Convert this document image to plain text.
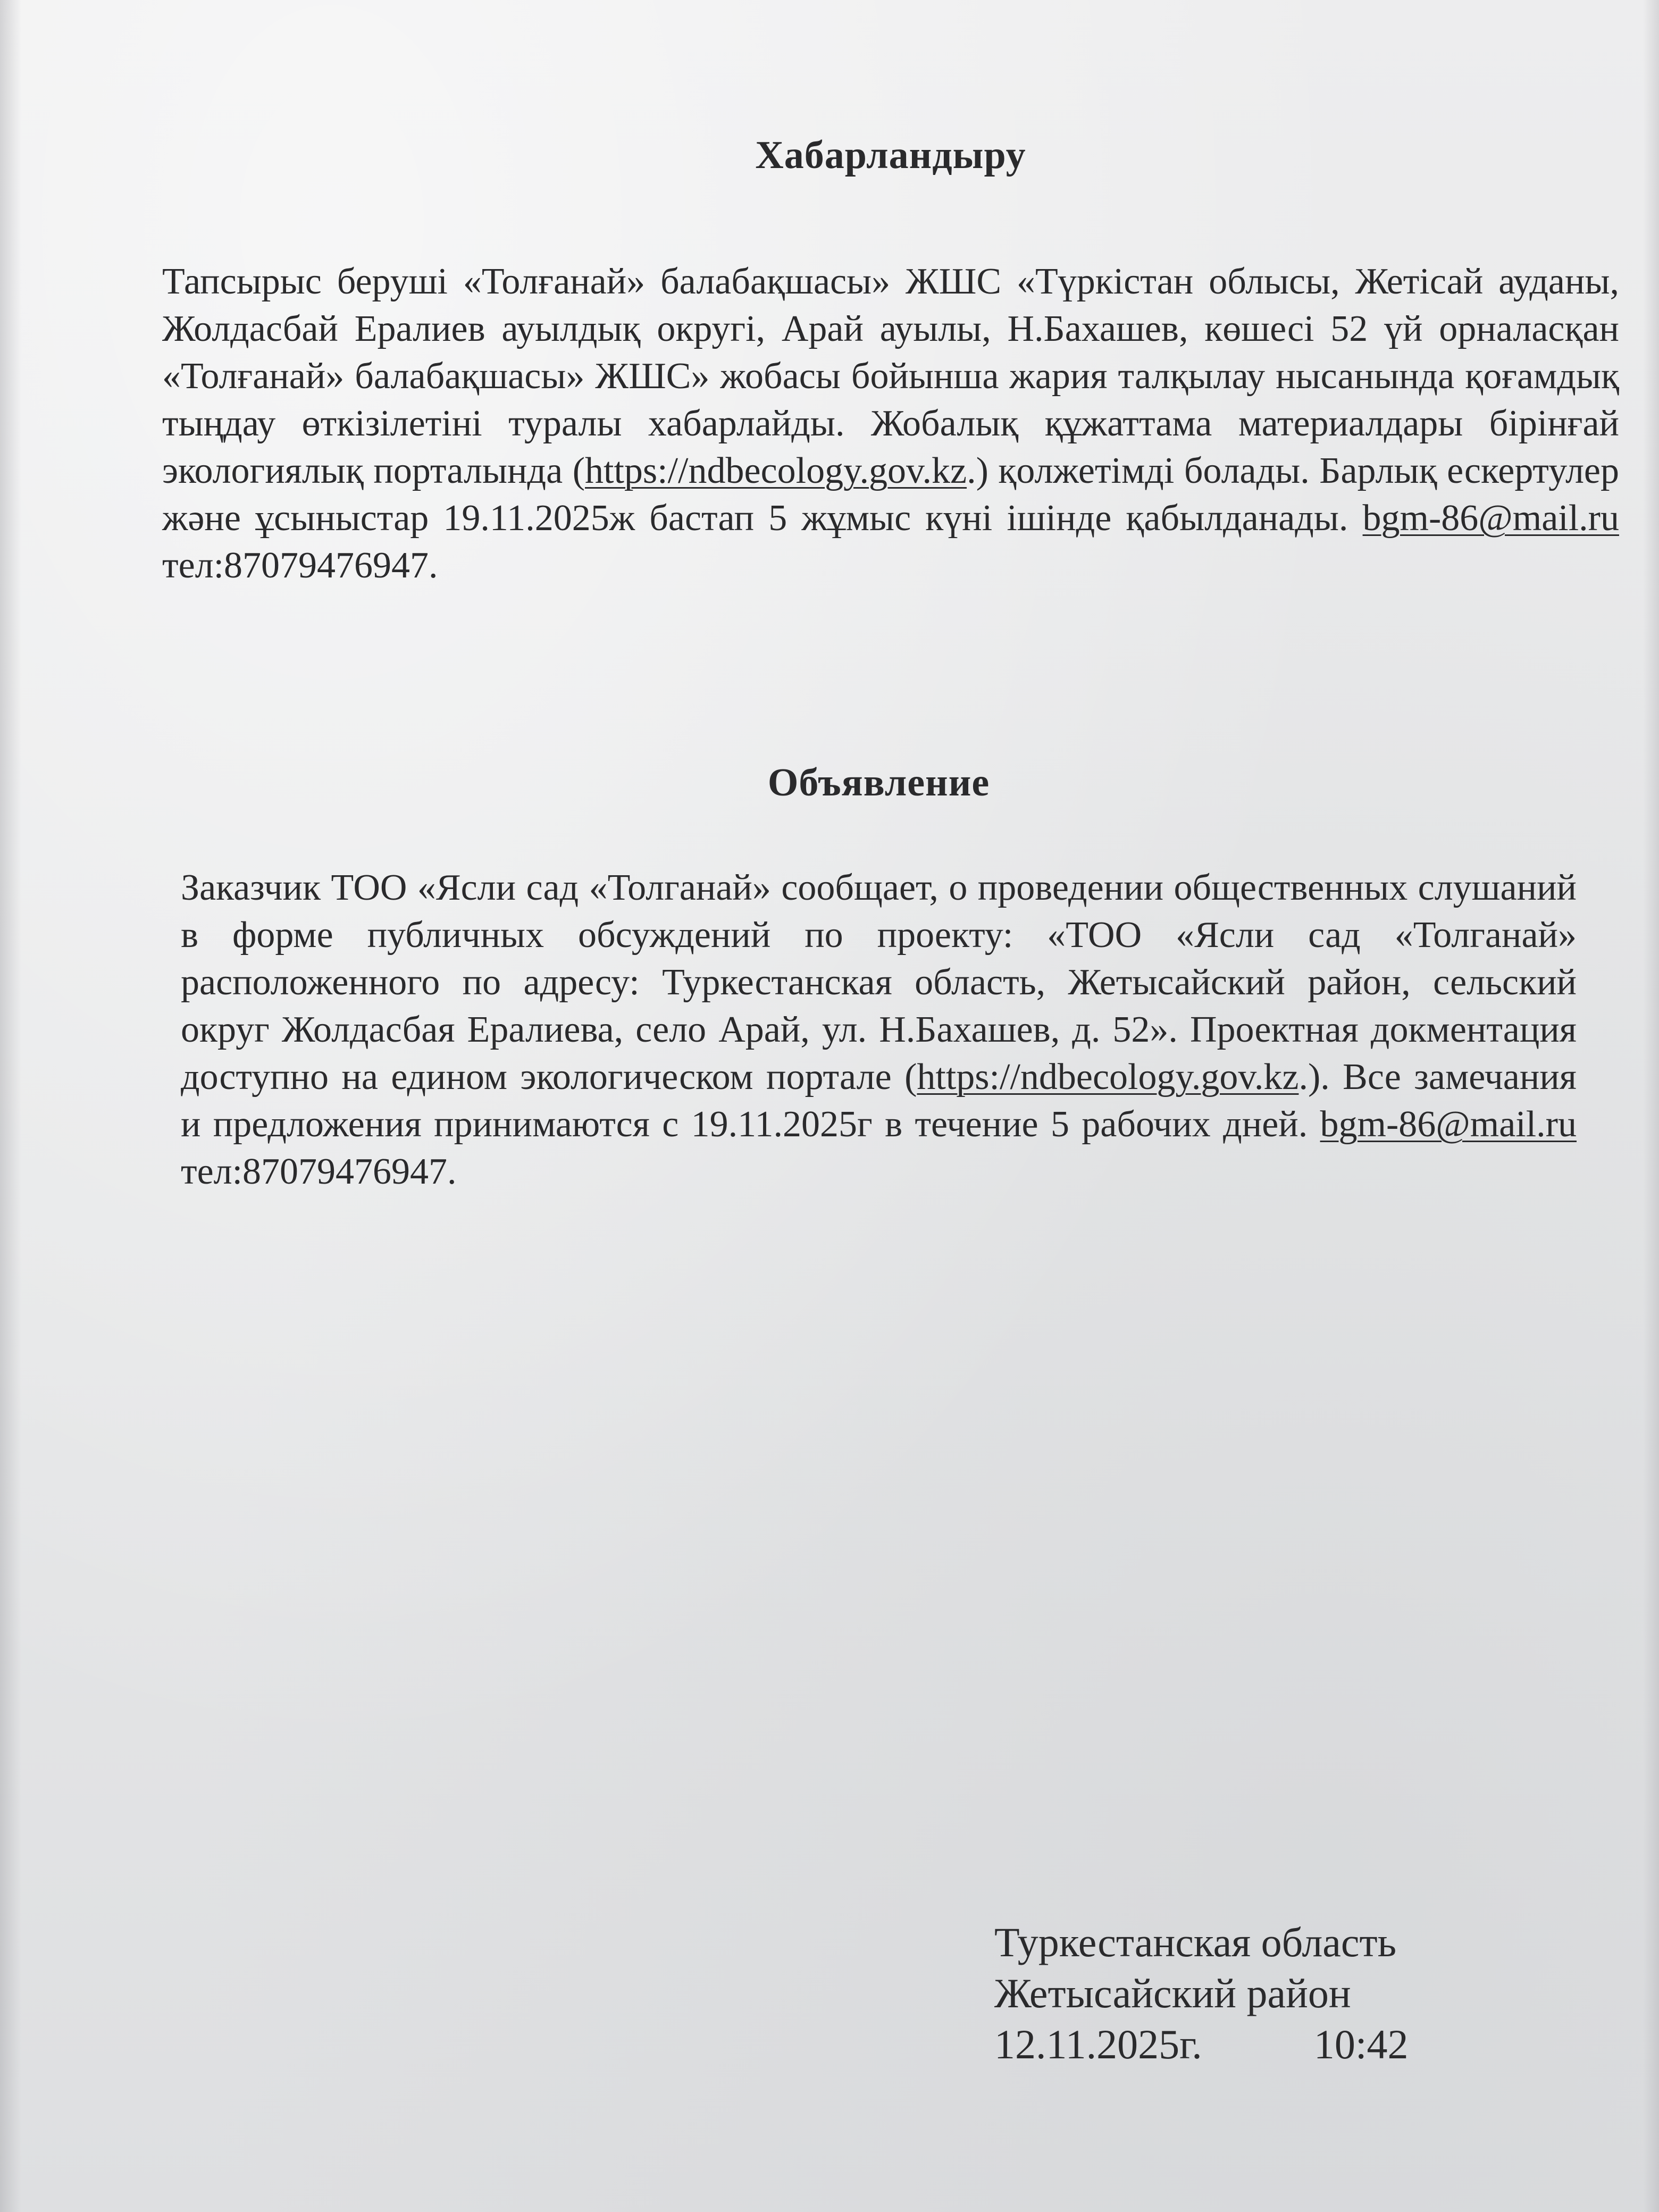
Хабарландыру
Тапсырыс беруші «Толғанай» балабақшасы» ЖШС «Түркістан облысы, Жетісай ауданы, Жолдасбай Ералиев ауылдық округі, Арай ауылы, Н.Бахашев, көшесі 52 үй орналасқан «Толғанай» балабақшасы» ЖШС» жобасы бойынша жария талқылау нысанында қоғамдық тыңдау өткізілетіні туралы хабарлайды. Жобалық құжаттама материалдары бірінғай экологиялық порталында (https://ndbecology.gov.kz.) қолжетімді болады. Барлық ескертулер және ұсыныстар 19.11.2025ж бастап 5 жұмыс күні ішінде қабылданады. bgm-86@mail.ru тел:87079476947.
Объявление
Заказчик ТОО «Ясли сад «Толганай» сообщает, о проведении общественных слушаний в форме публичных обсуждений по проекту: «ТОО «Ясли сад «Толганай» расположенного по адресу: Туркестанская область, Жетысайский район, сельский округ Жолдасбая Ералиева, село Арай, ул. Н.Бахашев, д. 52». Проектная докментация доступно на едином экологическом портале (https://ndbecology.gov.kz.). Все замечания и предложения принимаются с 19.11.2025г в течение 5 рабочих дней. bgm-86@mail.ru тел:87079476947.
Туркестанская область
Жетысайский район
12.11.2025г.	10:42
